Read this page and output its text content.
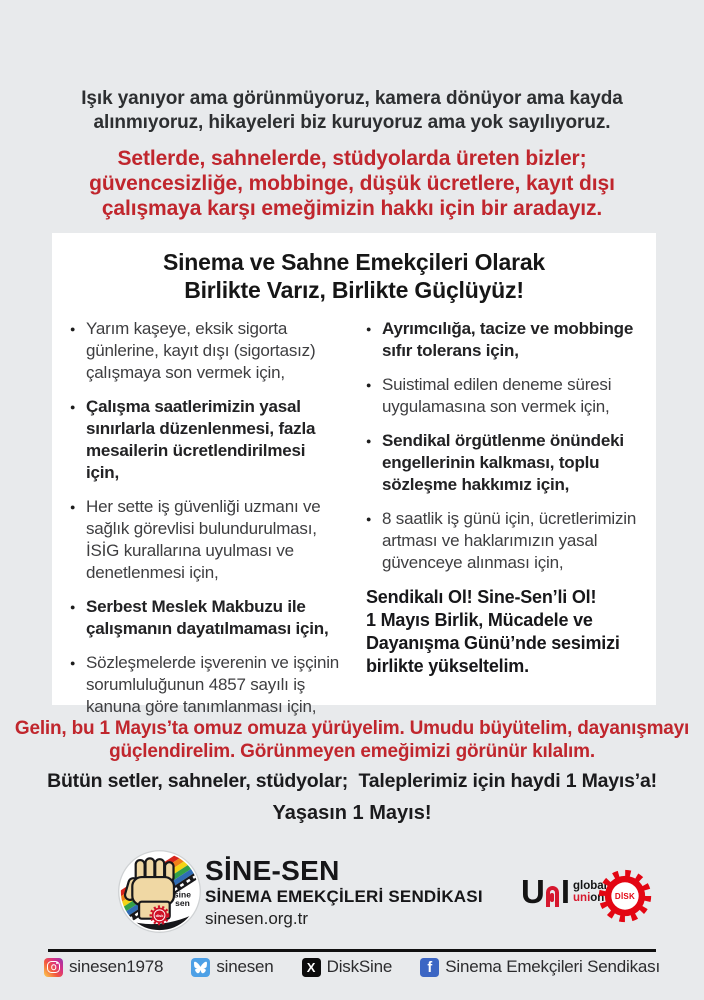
Işık yanıyor ama görünmüyoruz, kamera dönüyor ama kayda
alınmıyoruz, hikayeleri biz kuruyoruz ama yok sayılıyoruz.
Setlerde, sahnelerde, stüdyolarda üreten bizler;
güvencesizliğe, mobbinge, düşük ücretlere, kayıt dışı
çalışmaya karşı emeğimizin hakkı için bir aradayız.
Sinema ve Sahne Emekçileri Olarak
Birlikte Varız, Birlikte Güçlüyüz!
● Yarım kaşeye, eksik sigorta günlerine, kayıt dışı (sigortasız) çalışmaya son vermek için,
● Çalışma saatlerimizin yasal sınırlarla düzenlenmesi, fazla mesailerin ücretlendirilmesi için,
● Her sette iş güvenliği uzmanı ve sağlık görevlisi bulundurulması, İSİG kurallarına uyulması ve denetlenmesi için,
● Serbest Meslek Makbuzu ile çalışmanın dayatılmaması için,
● Sözleşmelerde işverenin ve işçinin sorumluluğunun 4857 sayılı iş kanuna göre tanımlanması için,
● Ayrımcılığa, tacize ve mobbinge sıfır tolerans için,
● Suistimal edilen deneme süresi uygulamasına son vermek için,
● Sendikal örgütlenme önündeki engellerinin kalkması, toplu sözleşme hakkımız için,
● 8 saatlik iş günü için, ücretlerimizin artması ve haklarımızın yasal güvenceye alınması için,
Sendikalı Ol! Sine-Sen’li Ol!
1 Mayıs Birlik, Mücadele ve
Dayanışma Günü’nde sesimizi
birlikte yükseltelim.
Gelin, bu 1 Mayıs’ta omuz omuza yürüyelim. Umudu büyütelim, dayanışmayı
güçlendirelim. Görünmeyen emeğimizi görünür kılalım.
Bütün setler, sahneler, stüdyolar;  Taleplerimiz için haydi 1 Mayıs’a!
Yaşasın 1 Mayıs!
sine
sen
disk
SİNE-SEN
SİNEMA EMEKÇİLERİ SENDİKASI
sinesen.org.tr
U I global
union DİSK
sinesen1978	sinesen	X DiskSine f Sinema Emekçileri Sendikası
